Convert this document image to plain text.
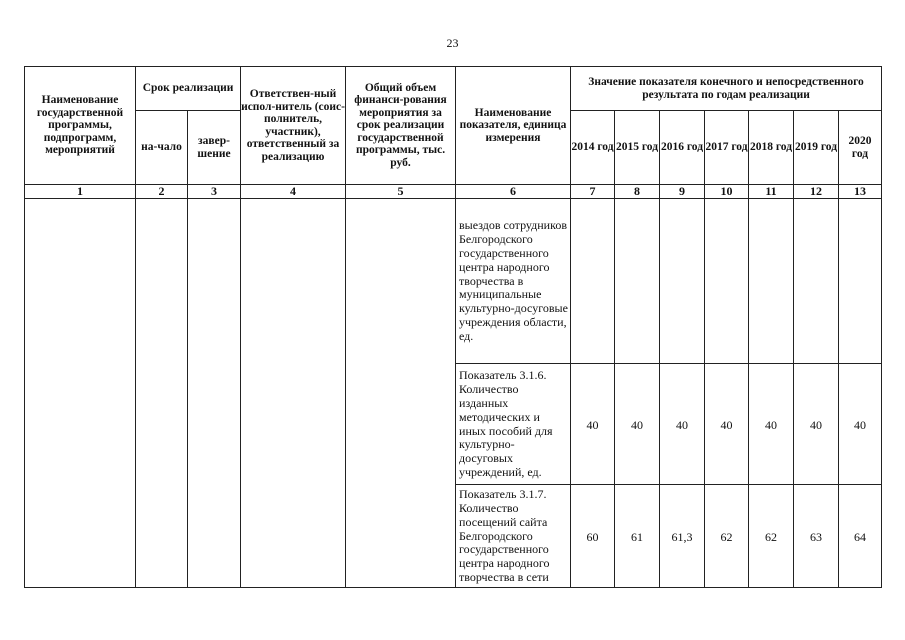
23
Наименование государственной программы, подпрограмм, мероприятий	Срок реализации		Ответствен-ный испол-нитель (соис-полнитель, участник), ответственный за реализацию	Общий объем финанси-рования мероприятия за срок реализации государственной программы, тыс. руб.	Наименование показателя, единица измерения	Значение показателя конечного и непосредственного результата по годам реализации						
	на-чало	завер-шение				2014 год	2015 год	2016 год	2017 год	2018 год	2019 год	2020 год
1	2	3	4	5	6	7	8	9	10	11	12	13

					выездов сотрудников Белгородского государственного центра народного творчества в муниципальные культурно-досуговые учреждения области, ед.							

					Показатель 3.1.6. Количество изданных методических и иных пособий для культурно-досуговых учреждений, ед.	40	40	40	40	40	40	40

					Показатель 3.1.7. Количество посещений сайта Белгородского государственного центра народного творчества в сети	60	61	61,3	62	62	63	64
